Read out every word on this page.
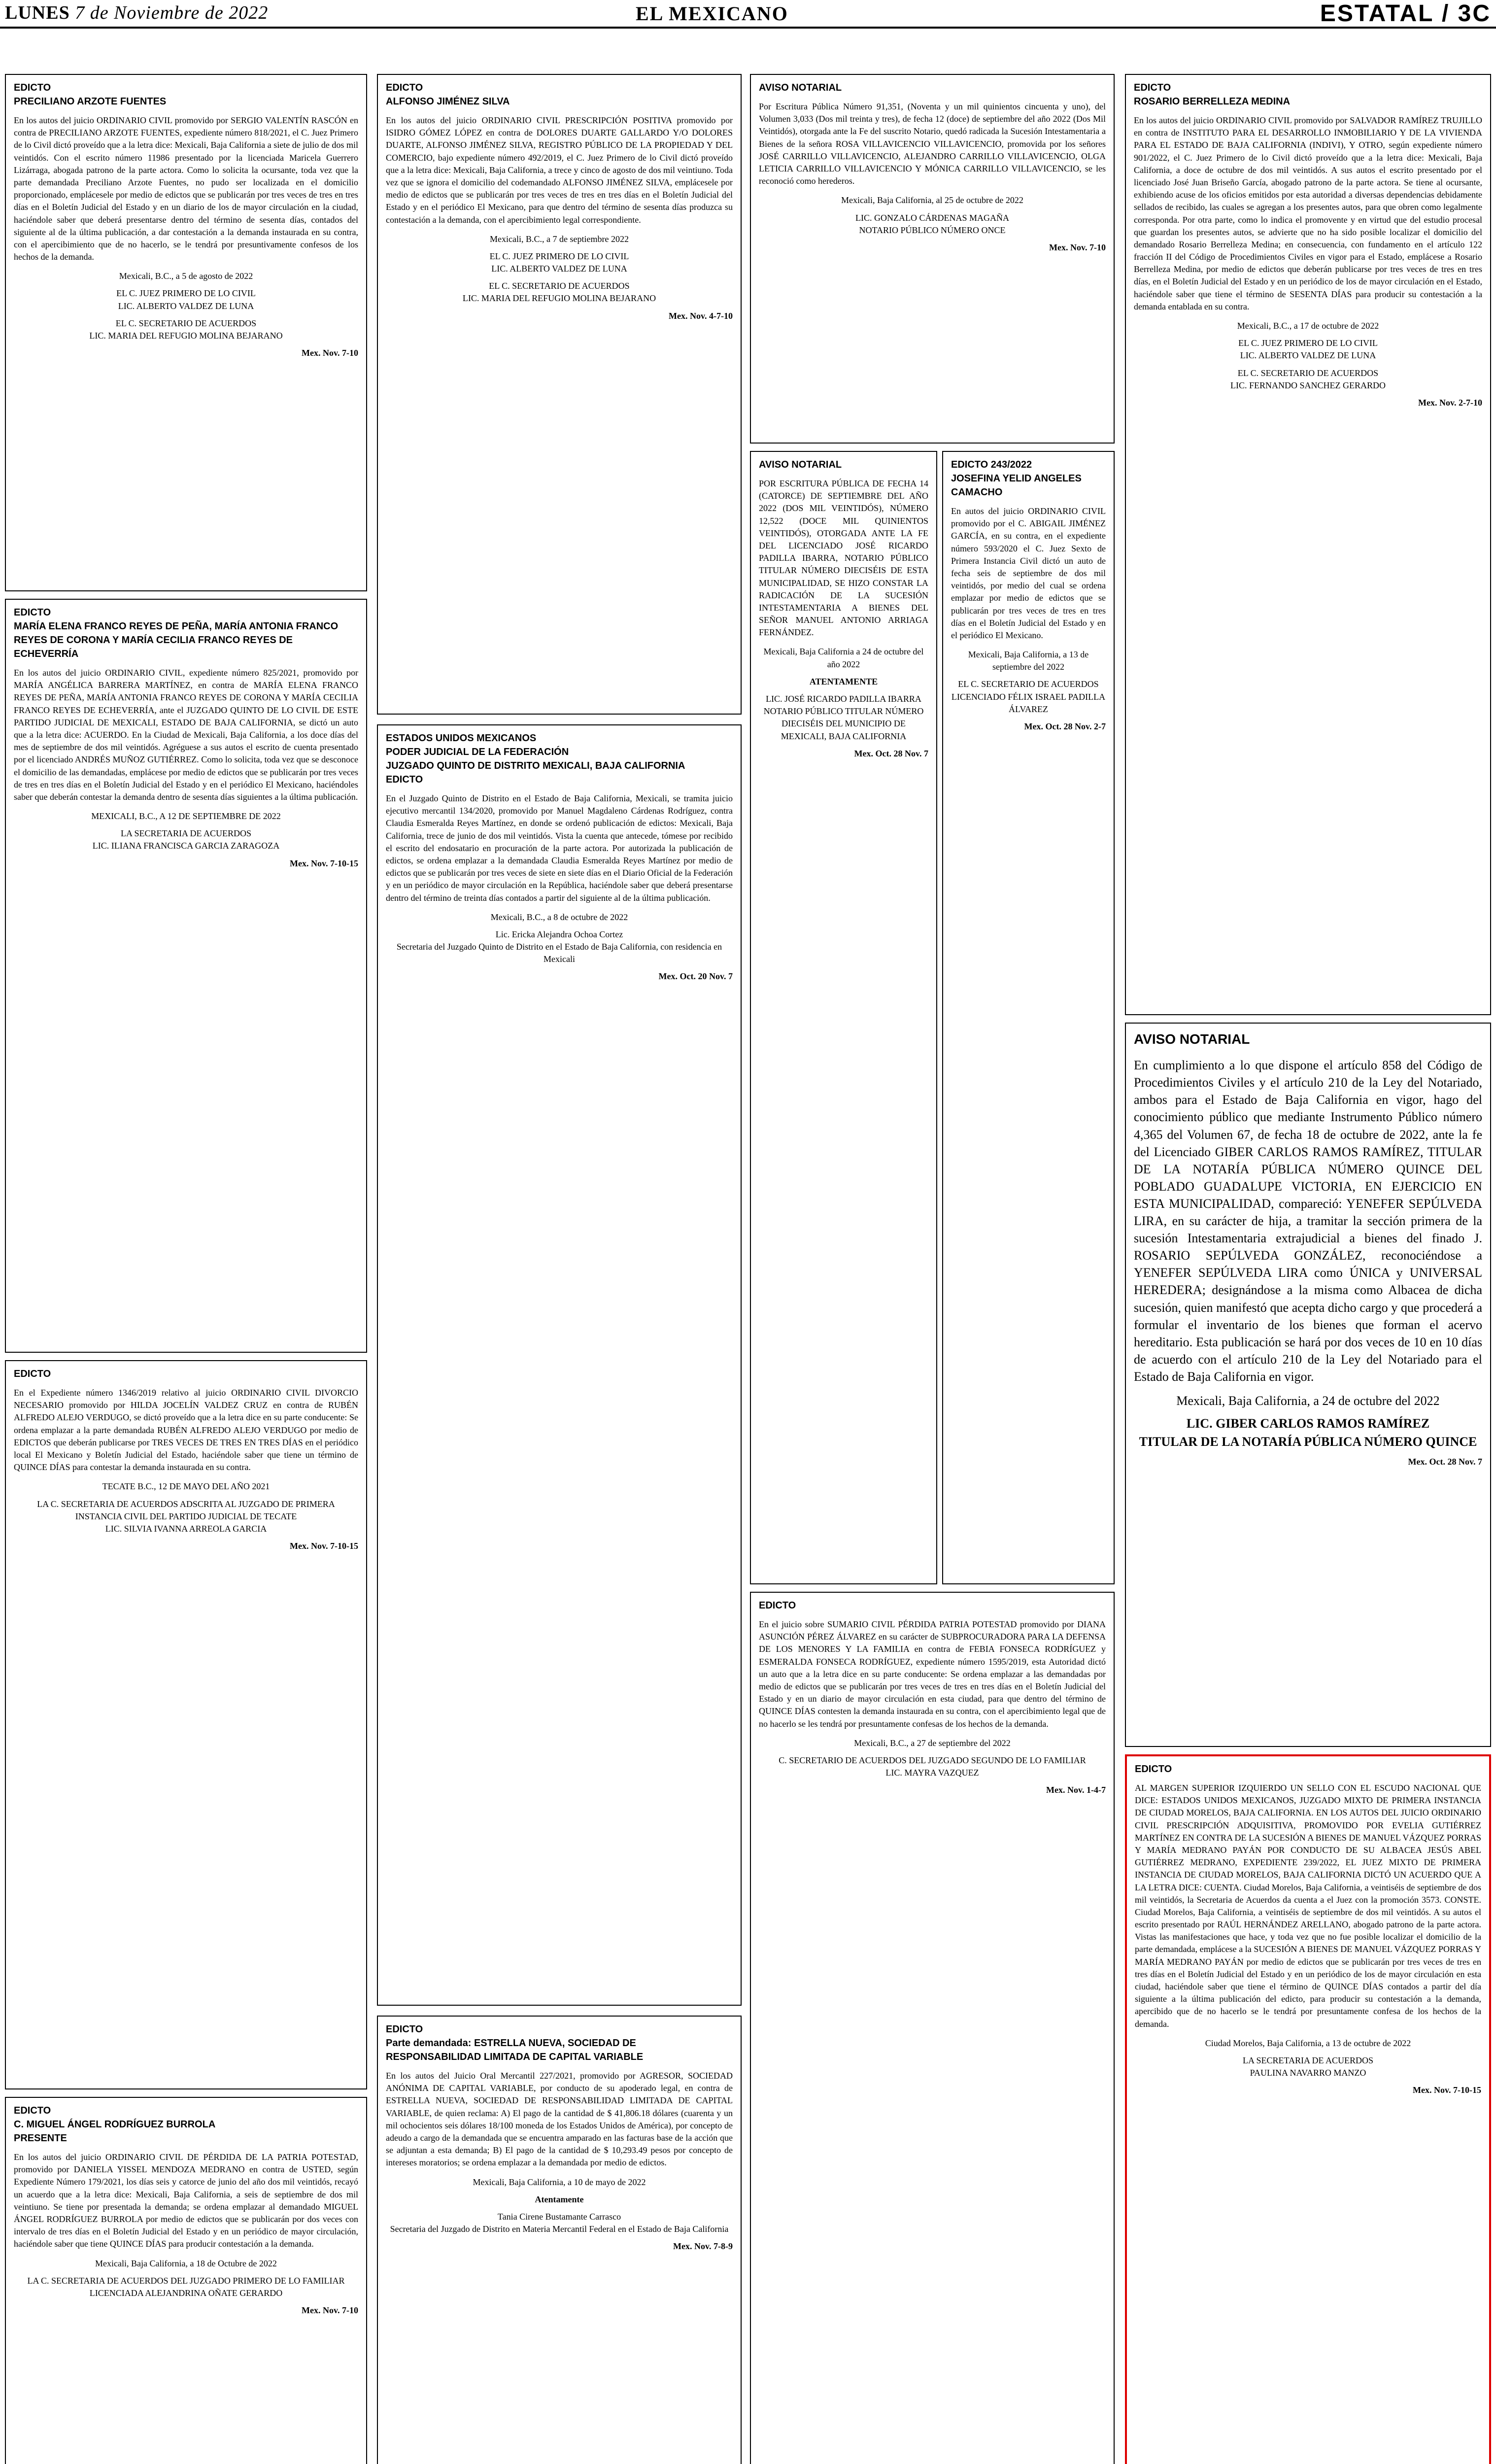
LUNES 7 de Noviembre de 2022	EL MEXICANO	ESTATAL / 3C
EDICTO
PRECILIANO ARZOTE FUENTES
En los autos del juicio ORDINARIO CIVIL promovido por SERGIO VALENTÍN RASCÓN en contra de PRECILIANO ARZOTE FUENTES, expediente número 818/2021, el C. Juez Primero de lo Civil dictó proveído que a la letra dice: Mexicali, Baja California a siete de julio de dos mil veintidós. Con el escrito número 11986 presentado por la licenciada Maricela Guerrero Lizárraga, abogada patrono de la parte actora. Como lo solicita la ocursante, toda vez que la parte demandada Preciliano Arzote Fuentes, no pudo ser localizada en el domicilio proporcionado, emplácesele por medio de edictos que se publicarán por tres veces de tres en tres días en el Boletín Judicial del Estado y en un diario de los de mayor circulación en la ciudad, haciéndole saber que deberá presentarse dentro del término de sesenta días, contados del siguiente al de la última publicación, a dar contestación a la demanda instaurada en su contra, con el apercibimiento que de no hacerlo, se le tendrá por presuntivamente confesos de los hechos de la demanda.
Mexicali, B.C., a 5 de agosto de 2022
EL C. JUEZ PRIMERO DE LO CIVIL
LIC. ALBERTO VALDEZ DE LUNA
EL C. SECRETARIO DE ACUERDOS
LIC. MARIA DEL REFUGIO MOLINA BEJARANO
Mex. Nov. 7-10
EDICTO
MARÍA ELENA FRANCO REYES DE PEÑA, MARÍA ANTONIA FRANCO REYES DE CORONA Y MARÍA CECILIA FRANCO REYES DE ECHEVERRÍA
En los autos del juicio ORDINARIO CIVIL, expediente número 825/2021, promovido por MARÍA ANGÉLICA BARRERA MARTÍNEZ, en contra de MARÍA ELENA FRANCO REYES DE PEÑA, MARÍA ANTONIA FRANCO REYES DE CORONA Y MARÍA CECILIA FRANCO REYES DE ECHEVERRÍA, ante el JUZGADO QUINTO DE LO CIVIL DE ESTE PARTIDO JUDICIAL DE MEXICALI, ESTADO DE BAJA CALIFORNIA, se dictó un auto que a la letra dice: ACUERDO. En la Ciudad de Mexicali, Baja California, a los doce días del mes de septiembre de dos mil veintidós. Agréguese a sus autos el escrito de cuenta presentado por el licenciado ANDRÉS MUÑOZ GUTIÉRREZ. Como lo solicita, toda vez que se desconoce el domicilio de las demandadas, emplácese por medio de edictos que se publicarán por tres veces de tres en tres días en el Boletín Judicial del Estado y en el periódico El Mexicano, haciéndoles saber que deberán contestar la demanda dentro de sesenta días siguientes a la última publicación.
MEXICALI, B.C., A 12 DE SEPTIEMBRE DE 2022
LA SECRETARIA DE ACUERDOS
LIC. ILIANA FRANCISCA GARCIA ZARAGOZA
Mex. Nov. 7-10-15
EDICTO
En el Expediente número 1346/2019 relativo al juicio ORDINARIO CIVIL DIVORCIO NECESARIO promovido por HILDA JOCELÍN VALDEZ CRUZ en contra de RUBÉN ALFREDO ALEJO VERDUGO, se dictó proveído que a la letra dice en su parte conducente: Se ordena emplazar a la parte demandada RUBÉN ALFREDO ALEJO VERDUGO por medio de EDICTOS que deberán publicarse por TRES VECES DE TRES EN TRES DÍAS en el periódico local El Mexicano y Boletín Judicial del Estado, haciéndole saber que tiene un término de QUINCE DÍAS para contestar la demanda instaurada en su contra.
TECATE B.C., 12 DE MAYO DEL AÑO 2021
LA C. SECRETARIA DE ACUERDOS ADSCRITA AL JUZGADO DE PRIMERA INSTANCIA CIVIL DEL PARTIDO JUDICIAL DE TECATE
LIC. SILVIA IVANNA ARREOLA GARCIA
Mex. Nov. 7-10-15
EDICTO
C. MIGUEL ÁNGEL RODRÍGUEZ BURROLA
PRESENTE
En los autos del juicio ORDINARIO CIVIL DE PÉRDIDA DE LA PATRIA POTESTAD, promovido por DANIELA YISSEL MENDOZA MEDRANO en contra de USTED, según Expediente Número 179/2021, los días seis y catorce de junio del año dos mil veintidós, recayó un acuerdo que a la letra dice: Mexicali, Baja California, a seis de septiembre de dos mil veintiuno. Se tiene por presentada la demanda; se ordena emplazar al demandado MIGUEL ÁNGEL RODRÍGUEZ BURROLA por medio de edictos que se publicarán por dos veces con intervalo de tres días en el Boletín Judicial del Estado y en un periódico de mayor circulación, haciéndole saber que tiene QUINCE DÍAS para producir contestación a la demanda.
Mexicali, Baja California, a 18 de Octubre de 2022
LA C. SECRETARIA DE ACUERDOS DEL JUZGADO PRIMERO DE LO FAMILIAR
LICENCIADA ALEJANDRINA OÑATE GERARDO
Mex. Nov. 7-10
EDICTO
ALFONSO JIMÉNEZ SILVA
En los autos del juicio ORDINARIO CIVIL PRESCRIPCIÓN POSITIVA promovido por ISIDRO GÓMEZ LÓPEZ en contra de DOLORES DUARTE GALLARDO Y/O DOLORES DUARTE, ALFONSO JIMÉNEZ SILVA, REGISTRO PÚBLICO DE LA PROPIEDAD Y DEL COMERCIO, bajo expediente número 492/2019, el C. Juez Primero de lo Civil dictó proveído que a la letra dice: Mexicali, Baja California, a trece y cinco de agosto de dos mil veintiuno. Toda vez que se ignora el domicilio del codemandado ALFONSO JIMÉNEZ SILVA, emplácesele por medio de edictos que se publicarán por tres veces de tres en tres días en el Boletín Judicial del Estado y en el periódico El Mexicano, para que dentro del término de sesenta días produzca su contestación a la demanda, con el apercibimiento legal correspondiente.
Mexicali, B.C., a 7 de septiembre 2022
EL C. JUEZ PRIMERO DE LO CIVIL
LIC. ALBERTO VALDEZ DE LUNA
EL C. SECRETARIO DE ACUERDOS
LIC. MARIA DEL REFUGIO MOLINA BEJARANO
Mex. Nov. 4-7-10
ESTADOS UNIDOS MEXICANOS
PODER JUDICIAL DE LA FEDERACIÓN
JUZGADO QUINTO DE DISTRITO MEXICALI, BAJA CALIFORNIA
EDICTO
En el Juzgado Quinto de Distrito en el Estado de Baja California, Mexicali, se tramita juicio ejecutivo mercantil 134/2020, promovido por Manuel Magdaleno Cárdenas Rodríguez, contra Claudia Esmeralda Reyes Martínez, en donde se ordenó publicación de edictos: Mexicali, Baja California, trece de junio de dos mil veintidós. Vista la cuenta que antecede, tómese por recibido el escrito del endosatario en procuración de la parte actora. Por autorizada la publicación de edictos, se ordena emplazar a la demandada Claudia Esmeralda Reyes Martínez por medio de edictos que se publicarán por tres veces de siete en siete días en el Diario Oficial de la Federación y en un periódico de mayor circulación en la República, haciéndole saber que deberá presentarse dentro del término de treinta días contados a partir del siguiente al de la última publicación.
Mexicali, B.C., a 8 de octubre de 2022
Lic. Ericka Alejandra Ochoa Cortez
Secretaria del Juzgado Quinto de Distrito en el Estado de Baja California, con residencia en Mexicali
Mex. Oct. 20 Nov. 7
EDICTO
Parte demandada: ESTRELLA NUEVA, SOCIEDAD DE RESPONSABILIDAD LIMITADA DE CAPITAL VARIABLE
En los autos del Juicio Oral Mercantil 227/2021, promovido por AGRESOR, SOCIEDAD ANÓNIMA DE CAPITAL VARIABLE, por conducto de su apoderado legal, en contra de ESTRELLA NUEVA, SOCIEDAD DE RESPONSABILIDAD LIMITADA DE CAPITAL VARIABLE, de quien reclama: A) El pago de la cantidad de $ 41,806.18 dólares (cuarenta y un mil ochocientos seis dólares 18/100 moneda de los Estados Unidos de América), por concepto de adeudo a cargo de la demandada que se encuentra amparado en las facturas base de la acción que se adjuntan a esta demanda; B) El pago de la cantidad de $ 10,293.49 pesos por concepto de intereses moratorios; se ordena emplazar a la demandada por medio de edictos.
Mexicali, Baja California, a 10 de mayo de 2022
Atentamente
Tania Cirene Bustamante Carrasco
Secretaria del Juzgado de Distrito en Materia Mercantil Federal en el Estado de Baja California
Mex. Nov. 7-8-9
AVISO NOTARIAL
Por Escritura Pública Número 91,351, (Noventa y un mil quinientos cincuenta y uno), del Volumen 3,033 (Dos mil treinta y tres), de fecha 12 (doce) de septiembre del año 2022 (Dos Mil Veintidós), otorgada ante la Fe del suscrito Notario, quedó radicada la Sucesión Intestamentaria a Bienes de la señora ROSA VILLAVICENCIO VILLAVICENCIO, promovida por los señores JOSÉ CARRILLO VILLAVICENCIO, ALEJANDRO CARRILLO VILLAVICENCIO, OLGA LETICIA CARRILLO VILLAVICENCIO Y MÓNICA CARRILLO VILLAVICENCIO, se les reconoció como herederos.
Mexicali, Baja California, al 25 de octubre de 2022
LIC. GONZALO CÁRDENAS MAGAÑA
NOTARIO PÚBLICO NÚMERO ONCE
Mex. Nov. 7-10
AVISO NOTARIAL
POR ESCRITURA PÚBLICA DE FECHA 14 (CATORCE) DE SEPTIEMBRE DEL AÑO 2022 (DOS MIL VEINTIDÓS), NÚMERO 12,522 (DOCE MIL QUINIENTOS VEINTIDÓS), OTORGADA ANTE LA FE DEL LICENCIADO JOSÉ RICARDO PADILLA IBARRA, NOTARIO PÚBLICO TITULAR NÚMERO DIECISÉIS DE ESTA MUNICIPALIDAD, SE HIZO CONSTAR LA RADICACIÓN DE LA SUCESIÓN INTESTAMENTARIA A BIENES DEL SEÑOR MANUEL ANTONIO ARRIAGA FERNÁNDEZ.
Mexicali, Baja California a 24 de octubre del año 2022
ATENTAMENTE
LIC. JOSÉ RICARDO PADILLA IBARRA
NOTARIO PÚBLICO TITULAR NÚMERO DIECISÉIS DEL MUNICIPIO DE MEXICALI, BAJA CALIFORNIA
Mex. Oct. 28 Nov. 7
EDICTO 243/2022
JOSEFINA YELID ANGELES CAMACHO
En autos del juicio ORDINARIO CIVIL promovido por el C. ABIGAIL JIMÉNEZ GARCÍA, en su contra, en el expediente número 593/2020 el C. Juez Sexto de Primera Instancia Civil dictó un auto de fecha seis de septiembre de dos mil veintidós, por medio del cual se ordena emplazar por medio de edictos que se publicarán por tres veces de tres en tres días en el Boletín Judicial del Estado y en el periódico El Mexicano.
Mexicali, Baja California, a 13 de septiembre del 2022
EL C. SECRETARIO DE ACUERDOS
LICENCIADO FÉLIX ISRAEL PADILLA ÁLVAREZ
Mex. Oct. 28 Nov. 2-7
EDICTO
En el juicio sobre SUMARIO CIVIL PÉRDIDA PATRIA POTESTAD promovido por DIANA ASUNCIÓN PÉREZ ÁLVAREZ en su carácter de SUBPROCURADORA PARA LA DEFENSA DE LOS MENORES Y LA FAMILIA en contra de FEBIA FONSECA RODRÍGUEZ y ESMERALDA FONSECA RODRÍGUEZ, expediente número 1595/2019, esta Autoridad dictó un auto que a la letra dice en su parte conducente: Se ordena emplazar a las demandadas por medio de edictos que se publicarán por tres veces de tres en tres días en el Boletín Judicial del Estado y en un diario de mayor circulación en esta ciudad, para que dentro del término de QUINCE DÍAS contesten la demanda instaurada en su contra, con el apercibimiento legal que de no hacerlo se les tendrá por presuntamente confesas de los hechos de la demanda.
Mexicali, B.C., a 27 de septiembre del 2022
C. SECRETARIO DE ACUERDOS DEL JUZGADO SEGUNDO DE LO FAMILIAR
LIC. MAYRA VAZQUEZ
Mex. Nov. 1-4-7
EDICTO
ROSARIO BERRELLEZA MEDINA
En los autos del juicio ORDINARIO CIVIL promovido por SALVADOR RAMÍREZ TRUJILLO en contra de INSTITUTO PARA EL DESARROLLO INMOBILIARIO Y DE LA VIVIENDA PARA EL ESTADO DE BAJA CALIFORNIA (INDIVI), Y OTRO, según expediente número 901/2022, el C. Juez Primero de lo Civil dictó proveído que a la letra dice: Mexicali, Baja California, a doce de octubre de dos mil veintidós. A sus autos el escrito presentado por el licenciado José Juan Briseño García, abogado patrono de la parte actora. Se tiene al ocursante, exhibiendo acuse de los oficios emitidos por esta autoridad a diversas dependencias debidamente sellados de recibido, las cuales se agregan a los presentes autos, para que obren como legalmente corresponda. Por otra parte, como lo indica el promovente y en virtud que del estudio procesal que guardan los presentes autos, se advierte que no ha sido posible localizar el domicilio del demandado Rosario Berrelleza Medina; en consecuencia, con fundamento en el artículo 122 fracción II del Código de Procedimientos Civiles en vigor para el Estado, emplácese a Rosario Berrelleza Medina, por medio de edictos que deberán publicarse por tres veces de tres en tres días, en el Boletín Judicial del Estado y en un periódico de los de mayor circulación en el Estado, haciéndole saber que tiene el término de SESENTA DÍAS para producir su contestación a la demanda entablada en su contra.
Mexicali, B.C., a 17 de octubre de 2022
EL C. JUEZ PRIMERO DE LO CIVIL
LIC. ALBERTO VALDEZ DE LUNA
EL C. SECRETARIO DE ACUERDOS
LIC. FERNANDO SANCHEZ GERARDO
Mex. Nov. 2-7-10
AVISO NOTARIAL
En cumplimiento a lo que dispone el artículo 858 del Código de Procedimientos Civiles y el artículo 210 de la Ley del Notariado, ambos para el Estado de Baja California en vigor, hago del conocimiento público que mediante Instrumento Público número 4,365 del Volumen 67, de fecha 18 de octubre de 2022, ante la fe del Licenciado GIBER CARLOS RAMOS RAMÍREZ, TITULAR DE LA NOTARÍA PÚBLICA NÚMERO QUINCE DEL POBLADO GUADALUPE VICTORIA, EN EJERCICIO EN ESTA MUNICIPALIDAD, compareció: YENEFER SEPÚLVEDA LIRA, en su carácter de hija, a tramitar la sección primera de la sucesión Intestamentaria extrajudicial a bienes del finado J. ROSARIO SEPÚLVEDA GONZÁLEZ, reconociéndose a YENEFER SEPÚLVEDA LIRA como ÚNICA y UNIVERSAL HEREDERA; designándose a la misma como Albacea de dicha sucesión, quien manifestó que acepta dicho cargo y que procederá a formular el inventario de los bienes que forman el acervo hereditario. Esta publicación se hará por dos veces de 10 en 10 días de acuerdo con el artículo 210 de la Ley del Notariado para el Estado de Baja California en vigor.
Mexicali, Baja California, a 24 de octubre del 2022
LIC. GIBER CARLOS RAMOS RAMÍREZ
TITULAR DE LA NOTARÍA PÚBLICA NÚMERO QUINCE
Mex. Oct. 28 Nov. 7
EDICTO
AL MARGEN SUPERIOR IZQUIERDO UN SELLO CON EL ESCUDO NACIONAL QUE DICE: ESTADOS UNIDOS MEXICANOS, JUZGADO MIXTO DE PRIMERA INSTANCIA DE CIUDAD MORELOS, BAJA CALIFORNIA. EN LOS AUTOS DEL JUICIO ORDINARIO CIVIL PRESCRIPCIÓN ADQUISITIVA, PROMOVIDO POR EVELIA GUTIÉRREZ MARTÍNEZ EN CONTRA DE LA SUCESIÓN A BIENES DE MANUEL VÁZQUEZ PORRAS Y MARÍA MEDRANO PAYÁN POR CONDUCTO DE SU ALBACEA JESÚS ABEL GUTIÉRREZ MEDRANO, EXPEDIENTE 239/2022, EL JUEZ MIXTO DE PRIMERA INSTANCIA DE CIUDAD MORELOS, BAJA CALIFORNIA DICTÓ UN ACUERDO QUE A LA LETRA DICE: CUENTA. Ciudad Morelos, Baja California, a veintiséis de septiembre de dos mil veintidós, la Secretaria de Acuerdos da cuenta a el Juez con la promoción 3573. CONSTE. Ciudad Morelos, Baja California, a veintiséis de septiembre de dos mil veintidós. A su autos el escrito presentado por RAÚL HERNÁNDEZ ARELLANO, abogado patrono de la parte actora. Vistas las manifestaciones que hace, y toda vez que no fue posible localizar el domicilio de la parte demandada, emplácese a la SUCESIÓN A BIENES DE MANUEL VÁZQUEZ PORRAS Y MARÍA MEDRANO PAYÁN por medio de edictos que se publicarán por tres veces de tres en tres días en el Boletín Judicial del Estado y en un periódico de los de mayor circulación en esta ciudad, haciéndole saber que tiene el término de QUINCE DÍAS contados a partir del día siguiente a la última publicación del edicto, para producir su contestación a la demanda, apercibido que de no hacerlo se le tendrá por presuntamente confesa de los hechos de la demanda.
Ciudad Morelos, Baja California, a 13 de octubre de 2022
LA SECRETARIA DE ACUERDOS
PAULINA NAVARRO MANZO
Mex. Nov. 7-10-15
